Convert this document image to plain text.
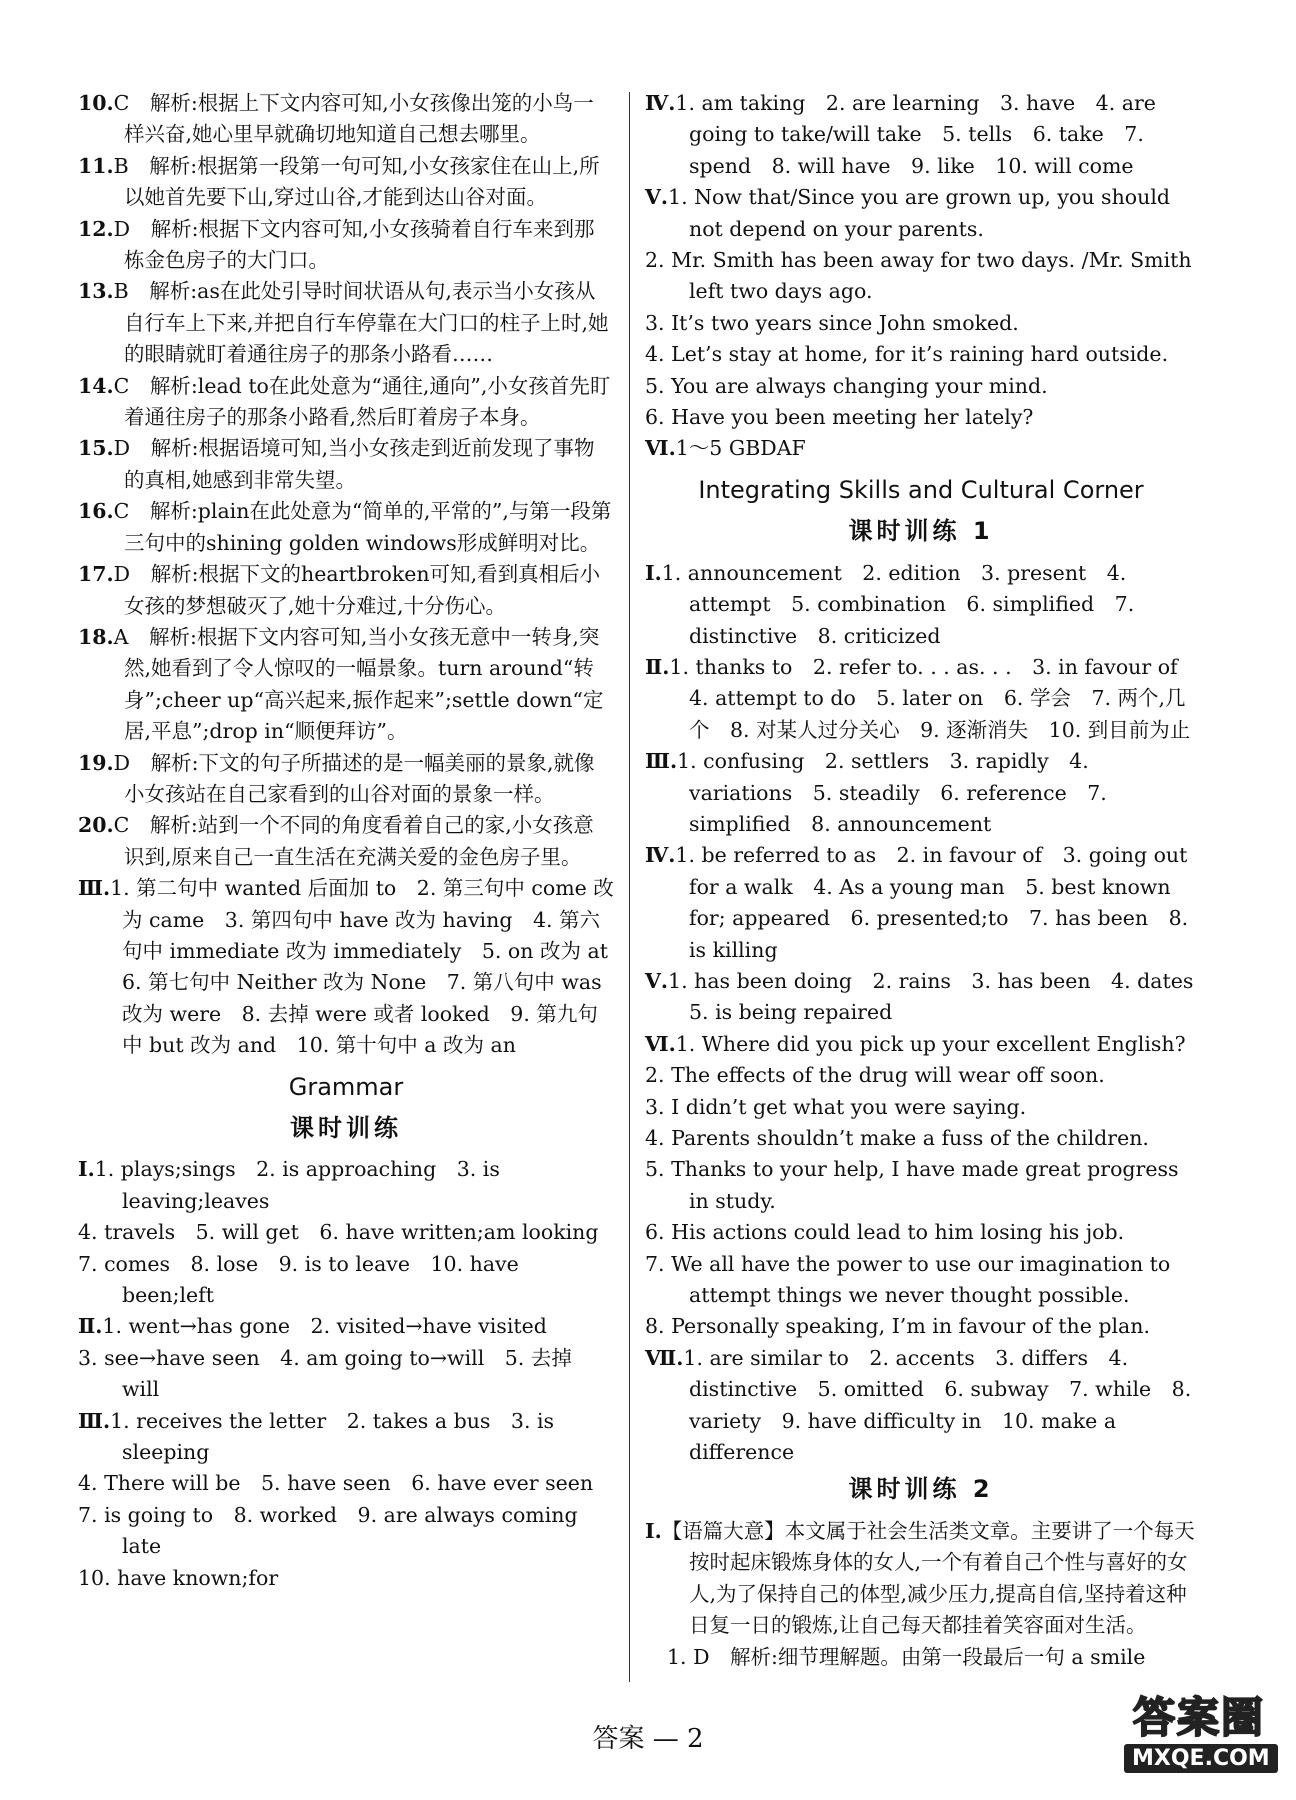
10.C　解析:根据上下文内容可知,小女孩像出笼的小鸟一样兴奋,她心里早就确切地知道自己想去哪里。
11.B　解析:根据第一段第一句可知,小女孩家住在山上,所以她首先要下山,穿过山谷,才能到达山谷对面。
12.D　解析:根据下文内容可知,小女孩骑着自行车来到那栋金色房子的大门口。
13.B　解析:as在此处引导时间状语从句,表示当小女孩从自行车上下来,并把自行车停靠在大门口的柱子上时,她的眼睛就盯着通往房子的那条小路看……
14.C　解析:lead to在此处意为“通往,通向”,小女孩首先盯着通往房子的那条小路看,然后盯着房子本身。
15.D　解析:根据语境可知,当小女孩走到近前发现了事物的真相,她感到非常失望。
16.C　解析:plain在此处意为“简单的,平常的”,与第一段第三句中的shining golden windows形成鲜明对比。
17.D　解析:根据下文的heartbroken可知,看到真相后小女孩的梦想破灭了,她十分难过,十分伤心。
18.A　解析:根据下文内容可知,当小女孩无意中一转身,突然,她看到了令人惊叹的一幅景象。turn around“转身”;cheer up“高兴起来,振作起来”;settle down“定居,平息”;drop in“顺便拜访”。
19.D　解析:下文的句子所描述的是一幅美丽的景象,就像小女孩站在自己家看到的山谷对面的景象一样。
20.C　解析:站到一个不同的角度看着自己的家,小女孩意识到,原来自己一直生活在充满关爱的金色房子里。
Ⅲ.1. 第二句中 wanted 后面加 to　2. 第三句中 come 改为 came　3. 第四句中 have 改为 having　4. 第六句中 immediate 改为 immediately　5. on 改为 at　6. 第七句中 Neither 改为 None　7. 第八句中 was改为 were　8. 去掉 were 或者 looked　9. 第九句中 but 改为 and　10. 第十句中 a 改为 an
Grammar
课时训练
Ⅰ.1. plays;sings　2. is approaching　3. is leaving;leaves

4. travels　5. will get　6. have written;am looking
7. comes　8. lose　9. is to leave　10. have been;left
Ⅱ.1. went→has gone　2. visited→have visited

3. see→have seen　4. am going to→will　5. 去掉 will
Ⅲ.1. receives the letter　2. takes a bus　3. is sleeping

4. There will be　5. have seen　6. have ever seen
7. is going to　8. worked　9. are always coming late
10. have known;for
Ⅳ.1. am taking　2. are learning　3. have　4. are going to take/will take　5. tells　6. take　7. spend　8. will have　9. like　10. will come
Ⅴ.1. Now that/Since you are grown up, you should not depend on your parents.

2. Mr. Smith has been away for two days. /Mr. Smith left two days ago.
3. It’s two years since John smoked.
4. Let’s stay at home, for it’s raining hard outside.
5. You are always changing your mind.
6. Have you been meeting her lately?
Ⅵ.1～5 GBDAF
Integrating Skills and Cultural Corner
课时训练 1
Ⅰ.1. announcement　2. edition　3. present　4. attempt　5. combination　6. simplified　7. distinctive　8. criticized
Ⅱ.1. thanks to　2. refer to. . . as. . .　3. in favour of　4. attempt to do　5. later on　6. 学会　7. 两个,几个　8. 对某人过分关心　9. 逐渐消失　10. 到目前为止
Ⅲ.1. confusing　2. settlers　3. rapidly　4. variations　5. steadily　6. reference　7. simplified　8. announcement
Ⅳ.1. be referred to as　2. in favour of　3. going out for a walk　4. As a young man　5. best known for; appeared　6. presented;to　7. has been　8. is killing
Ⅴ.1. has been doing　2. rains　3. has been　4. dates　5. is being repaired
Ⅵ.1. Where did you pick up your excellent English?

2. The effects of the drug will wear off soon.
3. I didn’t get what you were saying.
4. Parents shouldn’t make a fuss of the children.
5. Thanks to your help, I have made great progress in study.
6. His actions could lead to him losing his job.
7. We all have the power to use our imagination to attempt things we never thought possible.
8. Personally speaking, I’m in favour of the plan.
Ⅶ.1. are similar to　2. accents　3. differs　4. distinctive　5. omitted　6. subway　7. while　8. variety　9. have difficulty in　10. make a difference
课时训练 2
Ⅰ.【语篇大意】本文属于社会生活类文章。主要讲了一个每天按时起床锻炼身体的女人,一个有着自己个性与喜好的女人,为了保持自己的体型,减少压力,提高自信,坚持着这种日复一日的锻炼,让自己每天都挂着笑容面对生活。
1. D　解析:细节理解题。由第一段最后一句 a smile
答案 — 2	答案圈
MXQE.COM
